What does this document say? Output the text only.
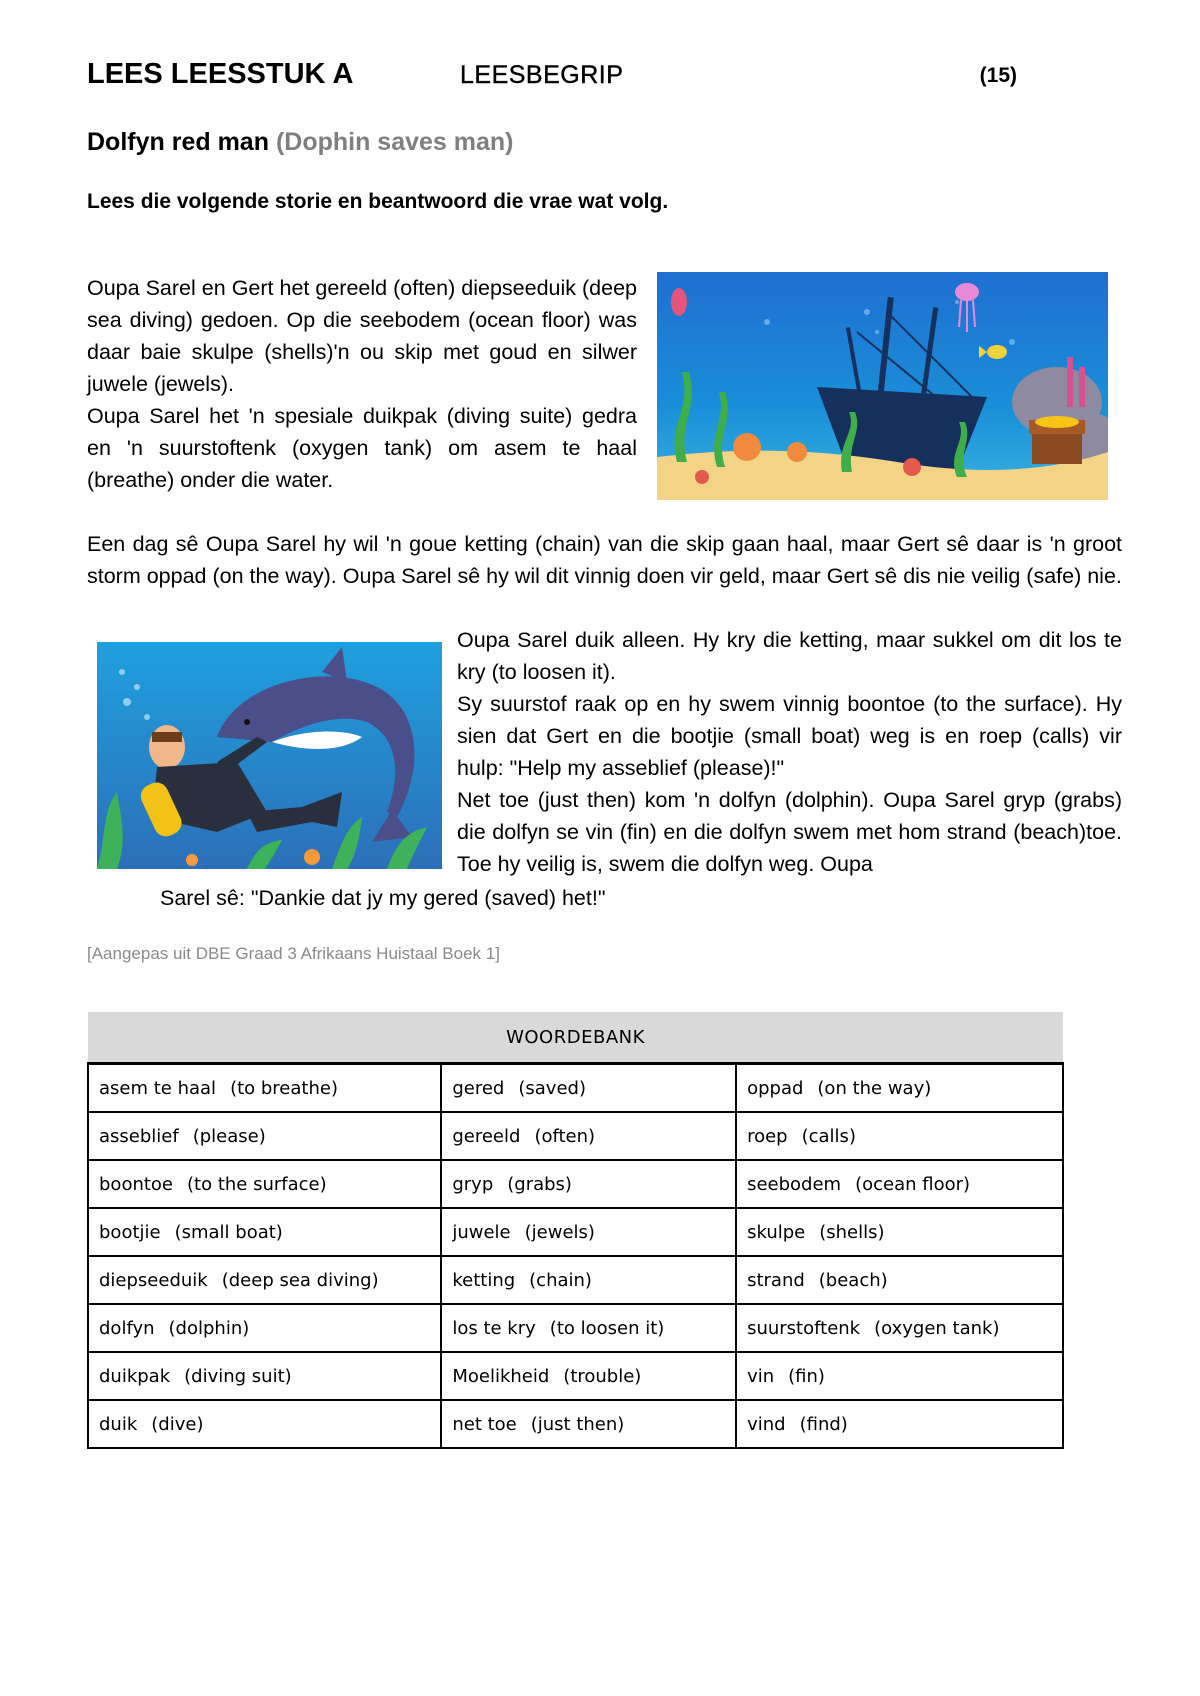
LEES LEESSTUK A	LEESBEGRIP	(15)
Dolfyn red man (Dophin saves man)
Lees die volgende storie en beantwoord die vrae wat volg.
Oupa Sarel en Gert het gereeld (often) diepseeduik (deep sea diving) gedoen. Op die seebodem (ocean floor) was daar baie skulpe (shells)'n ou skip met goud en silwer juwele (jewels).
Oupa Sarel het 'n spesiale duikpak (diving suite) gedra en 'n suurstoftenk (oxygen tank) om asem te haal (breathe) onder die water.
Een dag sê Oupa Sarel hy wil 'n goue ketting (chain) van die skip gaan haal, maar Gert sê daar is 'n groot storm oppad (on the way). Oupa Sarel sê hy wil dit vinnig doen vir geld, maar Gert sê dis nie veilig (safe) nie.
Oupa Sarel duik alleen. Hy kry die ketting, maar sukkel om dit los te kry (to loosen it).
Sy suurstof raak op en hy swem vinnig boontoe (to the surface). Hy sien dat Gert en die bootjie (small boat) weg is en roep (calls) vir hulp: "Help my asseblief (please)!"
Net toe (just then) kom 'n dolfyn (dolphin). Oupa Sarel gryp (grabs) die dolfyn se vin (fin) en die dolfyn swem met hom strand (beach)toe. Toe hy veilig is, swem die dolfyn weg. Oupa
Sarel sê: "Dankie dat jy my gered (saved) het!"
[Aangepas uit DBE Graad 3 Afrikaans Huistaal Boek 1]
WOORDEBANK		
asem te haal (to breathe)	gered (saved)	oppad (on the way)
asseblief (please)	gereeld (often)	roep (calls)
boontoe (to the surface)	gryp (grabs)	seebodem (ocean floor)
bootjie (small boat)	juwele (jewels)	skulpe (shells)
diepseeduik (deep sea diving)	ketting (chain)	strand (beach)
dolfyn (dolphin)	los te kry (to loosen it)	suurstoftenk (oxygen tank)
duikpak (diving suit)	Moelikheid (trouble)	vin (fin)
duik (dive)	net toe (just then)	vind (find)
